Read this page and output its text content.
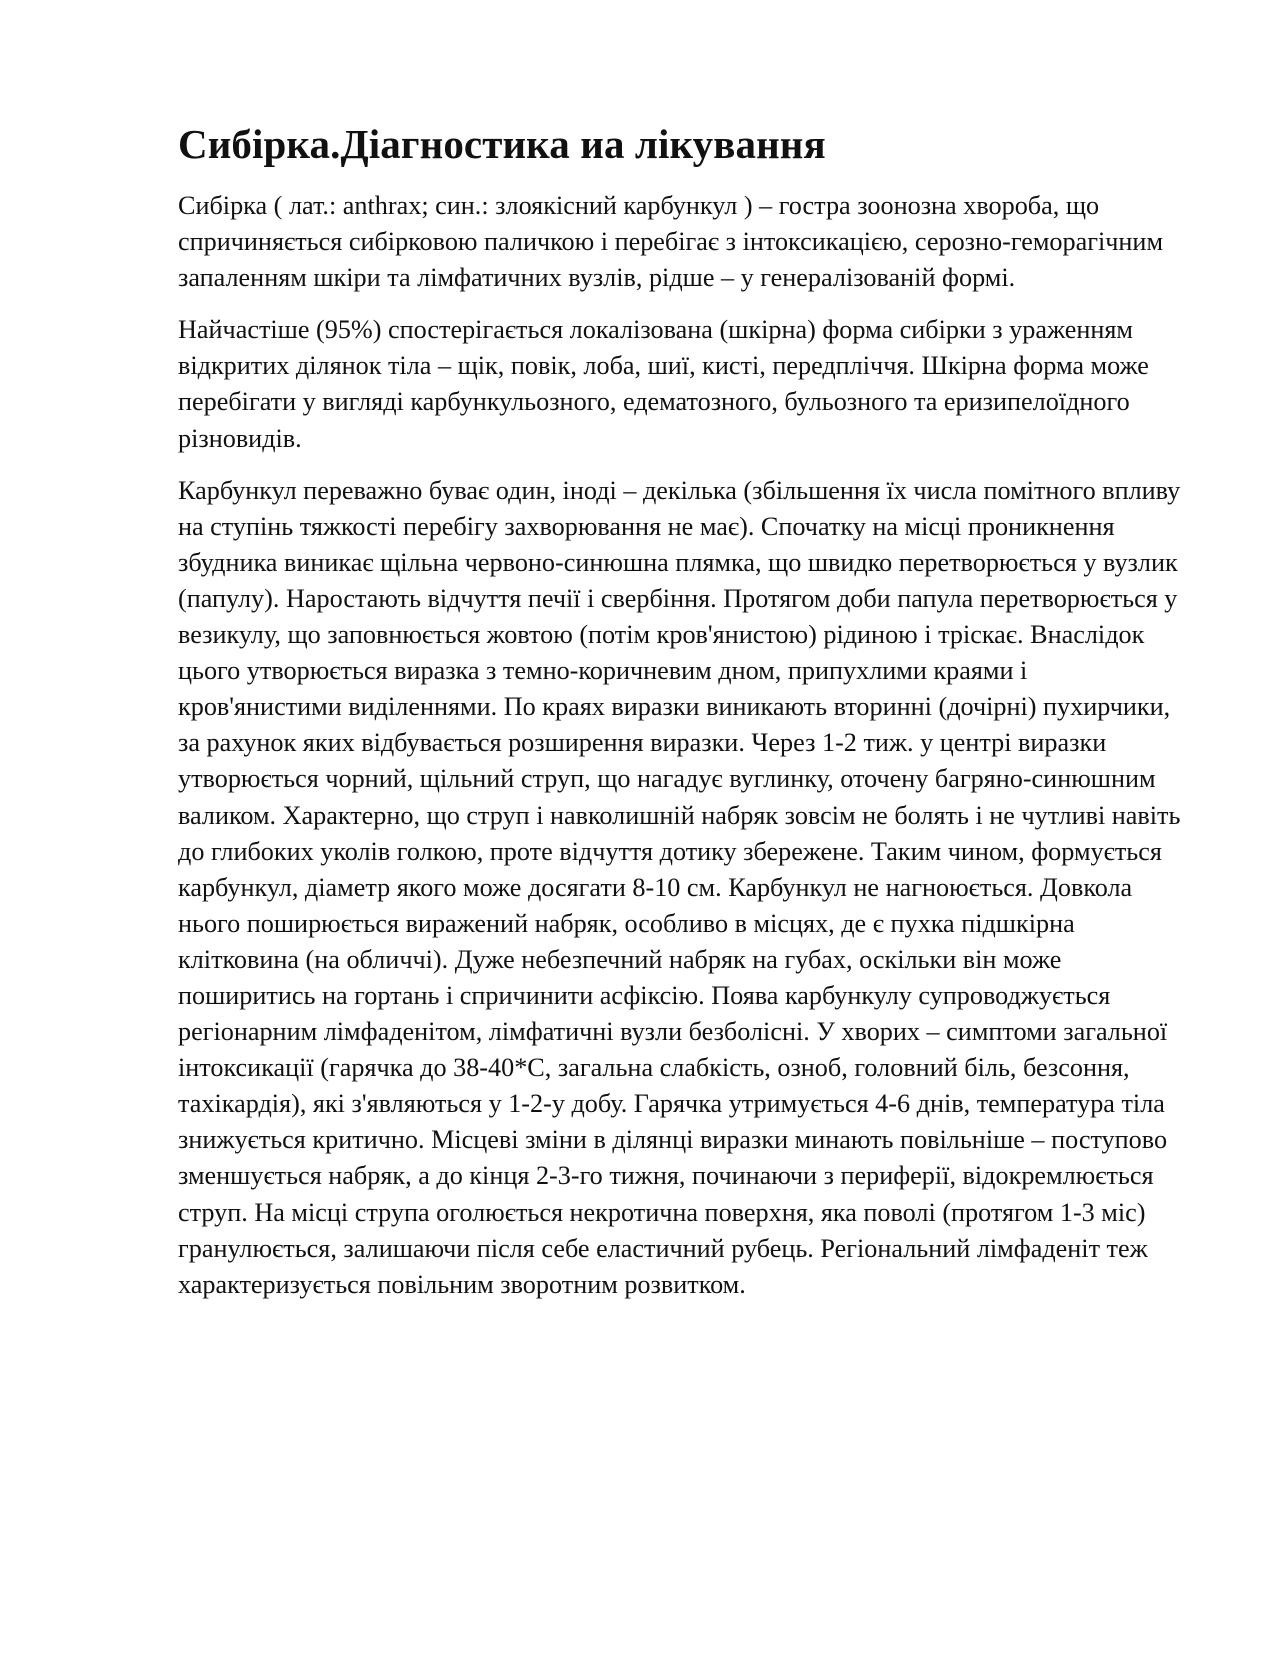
Сибірка.Діагностика иа лікування

Сибірка ( лат.: anthrax; син.: злоякісний карбункул ) – гостра зоонозна хвороба, що спричиняється сибірковою паличкою і перебігає з інтоксикацією, серозно-геморагічним запаленням шкіри та лімфатичних вузлів, рідше – у генералізованій формі.

Найчастіше (95%) спостерігається локалізована (шкірна) форма сибірки з ураженням відкритих ділянок тіла – щік, повік, лоба, шиї, кисті, передпліччя. Шкірна форма може перебігати у вигляді карбункульозного, едематозного, бульозного та еризипелоїдного різновидів.

Карбункул переважно буває один, іноді – декілька (збільшення їх числа помітного впливу на ступінь тяжкості перебігу захворювання не має). Спочатку на місці проникнення збудника виникає щільна червоно-синюшна плямка, що швидко перетворюється у вузлик (папулу). Наростають відчуття печії і свербіння. Протягом доби папула перетворюється у везикулу, що заповнюється жовтою (потім кров'янистою) рідиною і тріскає. Внаслідок цього утворюється виразка з темно-коричневим дном, припухлими краями і кров'янистими виділеннями. По краях виразки виникають вторинні (дочірні) пухирчики, за рахунок яких відбувається розширення виразки. Через 1-2 тиж. у центрі виразки утворюється чорний, щільний струп, що нагадує вуглинку, оточену багряно-синюшним валиком. Характерно, що струп і навколишній набряк зовсім не болять і не чутливі навіть до глибоких уколів голкою, проте відчуття дотику збережене. Таким чином, формується карбункул, діаметр якого може досягати 8-10 см. Карбункул не нагноюється. Довкола нього поширюється виражений набряк, особливо в місцях, де є пухка підшкірна клітковина (на обличчі). Дуже небезпечний набряк на губах, оскільки він може поширитись на гортань і спричинити асфіксію. Поява карбункулу супроводжується регіонарним лімфаденітом, лімфатичні вузли безболісні. У хворих – симптоми загальної інтоксикації (гарячка до 38-40*С, загальна слабкість, озноб, головний біль, безсоння, тахікардія), які з'являються у 1-2-у добу. Гарячка утримується 4-6 днів, температура тіла знижується критично. Місцеві зміни в ділянці виразки минають повільніше – поступово зменшується набряк, а до кінця 2-3-го тижня, починаючи з периферії, відокремлюється струп. На місці струпа оголюється некротична поверхня, яка поволі (протягом 1-3 міс) гранулюється, залишаючи після себе еластичний рубець. Регіональний лімфаденіт теж характеризується повільним зворотним розвитком.
